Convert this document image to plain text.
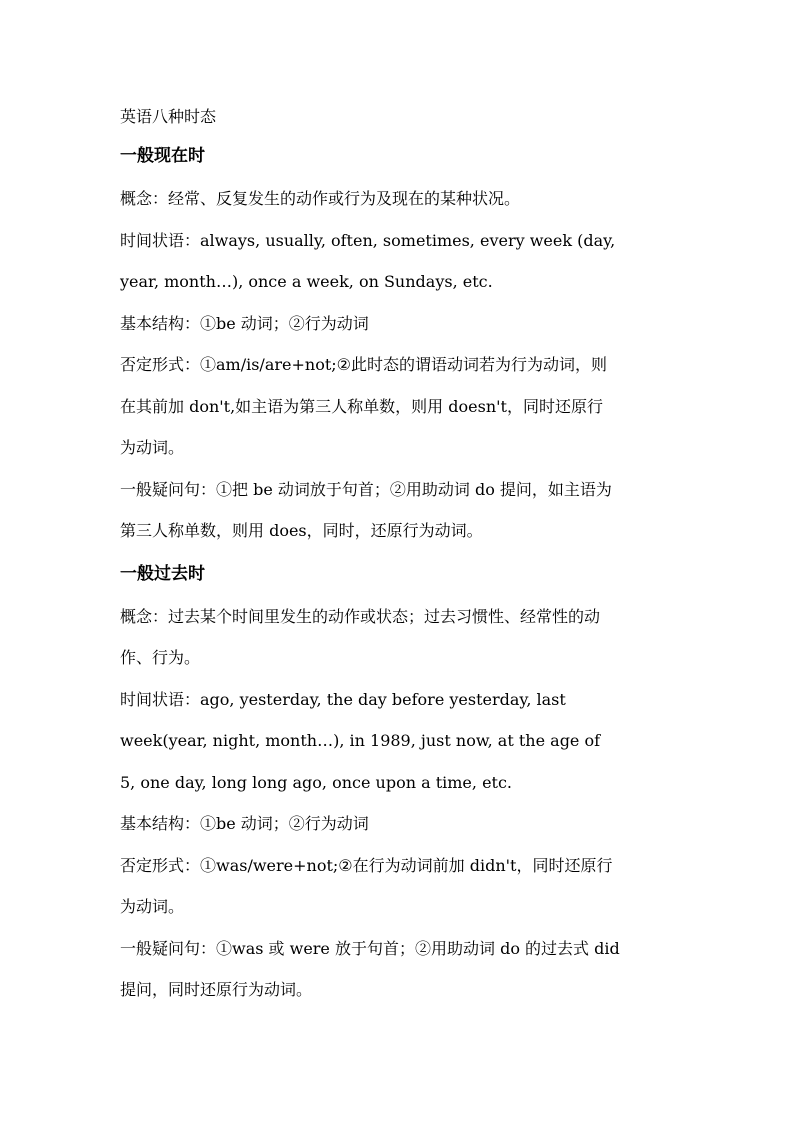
英语八种时态
一般现在时
概念：经常、反复发生的动作或行为及现在的某种状况。
时间状语：always, usually, often, sometimes, every week (day,
year, month…), once a week, on Sundays, etc.
基本结构：①be 动词；②行为动词
否定形式：①am/is/are+not;②此时态的谓语动词若为行为动词，则
在其前加 don't,如主语为第三人称单数，则用 doesn't，同时还原行
为动词。
一般疑问句：①把 be 动词放于句首；②用助动词 do 提问，如主语为
第三人称单数，则用 does，同时，还原行为动词。
一般过去时
概念：过去某个时间里发生的动作或状态；过去习惯性、经常性的动
作、行为。
时间状语：ago, yesterday, the day before yesterday, last
week(year, night, month…), in 1989, just now, at the age of
5, one day, long long ago, once upon a time, etc.
基本结构：①be 动词；②行为动词
否定形式：①was/were+not;②在行为动词前加 didn't，同时还原行
为动词。
一般疑问句：①was 或 were 放于句首；②用助动词 do 的过去式 did
提问，同时还原行为动词。
